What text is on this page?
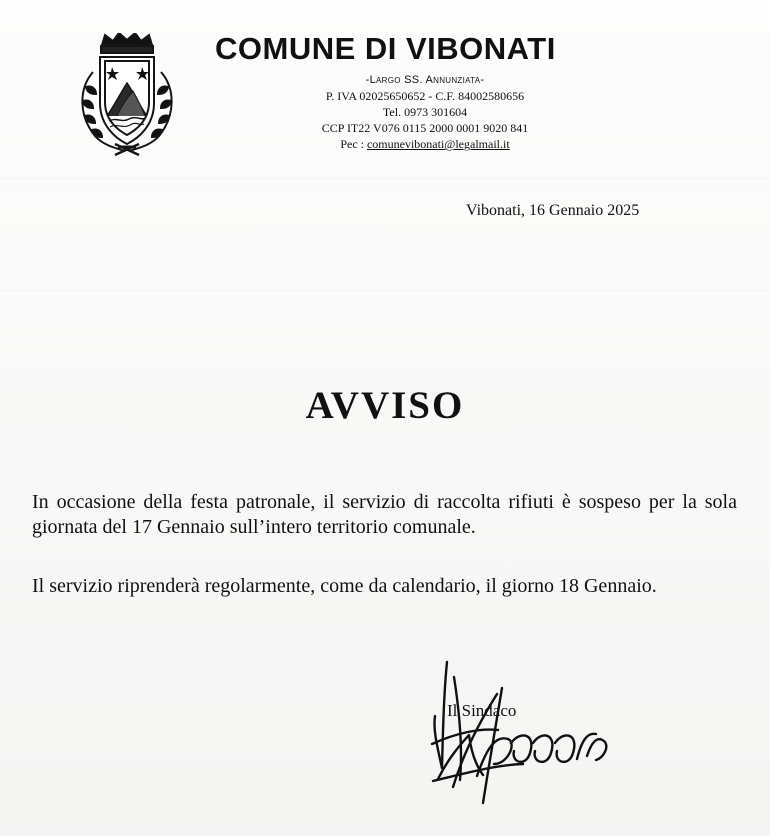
COMUNE DI VIBONATI
-Largo SS. Annunziata-
P. IVA 02025650652 - C.F. 84002580656
Tel. 0973 301604
CCP IT22 V076 0115 2000 0001 9020 841
Pec : comunevibonati@legalmail.it
Vibonati, 16 Gennaio 2025
AVVISO

In occasione della festa patronale, il servizio di raccolta rifiuti è sospeso per la sola giornata del 17 Gennaio sull’intero territorio comunale.

Il servizio riprenderà regolarmente, come da calendario, il giorno 18 Gennaio.

Il Sindaco
